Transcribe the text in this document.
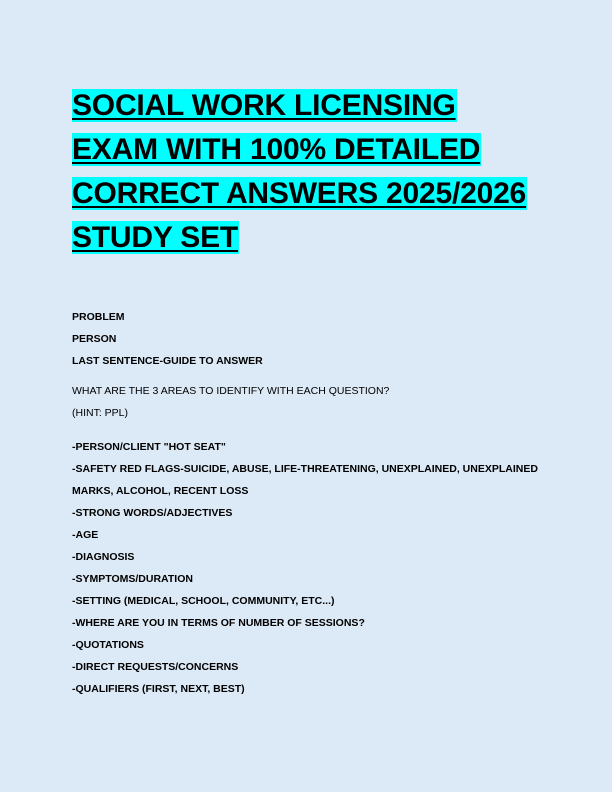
SOCIAL WORK LICENSING
EXAM WITH 100% DETAILED
CORRECT ANSWERS 2025/2026
STUDY SET
PROBLEM
PERSON
LAST SENTENCE-GUIDE TO ANSWER
WHAT ARE THE 3 AREAS TO IDENTIFY WITH EACH QUESTION?
(HINT: PPL)
-PERSON/CLIENT "HOT SEAT"
-SAFETY RED FLAGS-SUICIDE, ABUSE, LIFE-THREATENING, UNEXPLAINED, UNEXPLAINED
MARKS, ALCOHOL, RECENT LOSS
-STRONG WORDS/ADJECTIVES
-AGE
-DIAGNOSIS
-SYMPTOMS/DURATION
-SETTING (MEDICAL, SCHOOL, COMMUNITY, ETC...)
-WHERE ARE YOU IN TERMS OF NUMBER OF SESSIONS?
-QUOTATIONS
-DIRECT REQUESTS/CONCERNS
-QUALIFIERS (FIRST, NEXT, BEST)
